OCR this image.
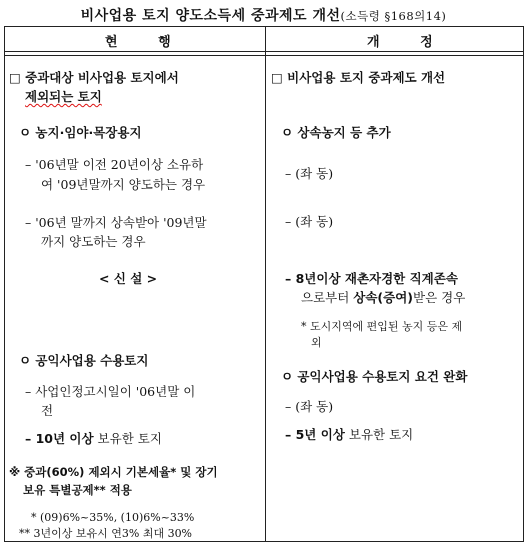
비사업용 토지 양도소득세 중과제도 개선(소득령 §168의14)
현 행	개 정
□ 중과대상 비사업용 토지에서
제외되는 토지
ㅇ 농지·임야·목장용지
– '06년말 이전 20년이상 소유하
여 '09년말까지 양도하는 경우
– '06년 말까지 상속받아 '09년말
까지 양도하는 경우
< 신 설 >
ㅇ 공익사업용 수용토지
– 사업인정고시일이 '06년말 이
전
– 10년 이상 보유한 토지
※ 중과(60%) 제외시 기본세율* 및 장기
보유 특별공제** 적용
* (09)6%~35%, (10)6%~33%
** 3년이상 보유시 연3% 최대 30%
□ 비사업용 토지 중과제도 개선
ㅇ 상속농지 등 추가
– (좌 동)
– (좌 동)
– 8년이상 재촌자경한 직계존속
으로부터 상속(증여)받은 경우
* 도시지역에 편입된 농지 등은 제
외
ㅇ 공익사업용 수용토지 요건 완화
– (좌 동)
– 5년 이상 보유한 토지
